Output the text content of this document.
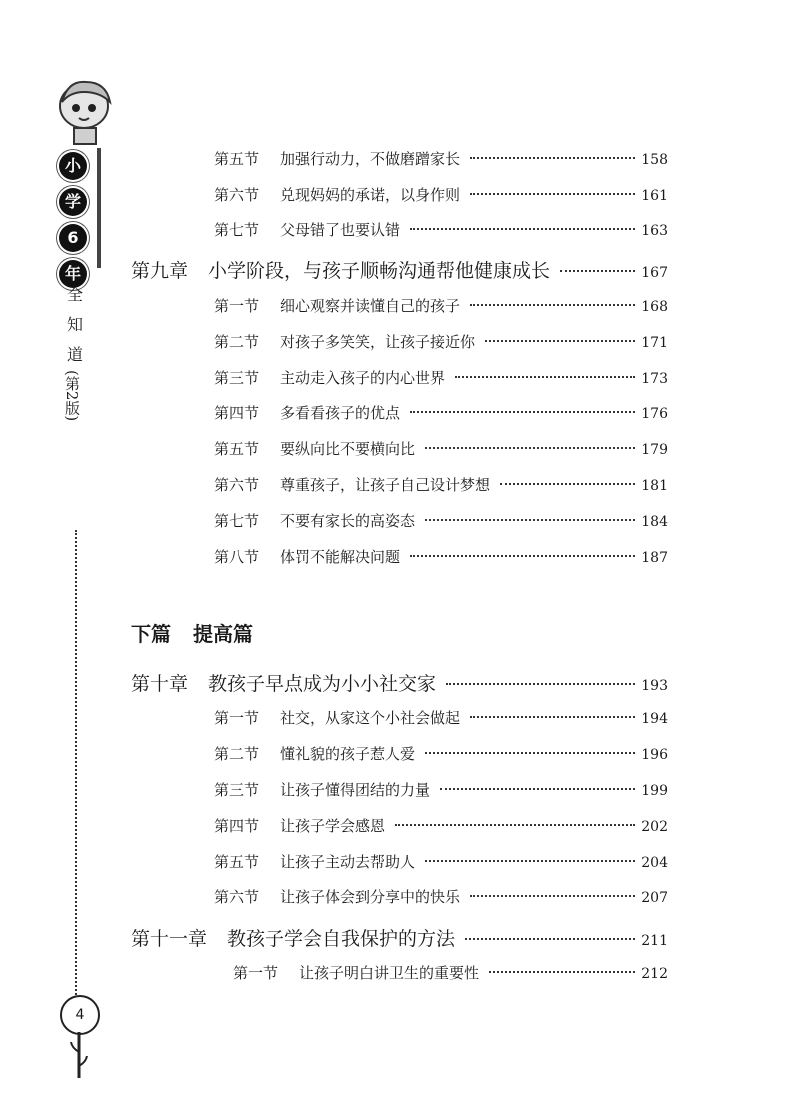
小
学
6
年
全
知
道
(第2版)
4
第五节	加强行动力，不做磨蹭家长	158
第六节	兑现妈妈的承诺，以身作则	161
第七节	父母错了也要认错	163
第九章 小学阶段，与孩子顺畅沟通帮他健康成长	167
第一节	细心观察并读懂自己的孩子	168
第二节	对孩子多笑笑，让孩子接近你	171
第三节	主动走入孩子的内心世界	173
第四节	多看看孩子的优点	176
第五节	要纵向比不要横向比	179
第六节	尊重孩子，让孩子自己设计梦想	181
第七节	不要有家长的高姿态	184
第八节	体罚不能解决问题	187
下篇 提高篇
第十章 教孩子早点成为小小社交家	193
第一节	社交，从家这个小社会做起	194
第二节	懂礼貌的孩子惹人爱	196
第三节	让孩子懂得团结的力量	199
第四节	让孩子学会感恩	202
第五节	让孩子主动去帮助人	204
第六节	让孩子体会到分享中的快乐	207
第十一章 教孩子学会自我保护的方法	211
第一节	让孩子明白讲卫生的重要性	212
